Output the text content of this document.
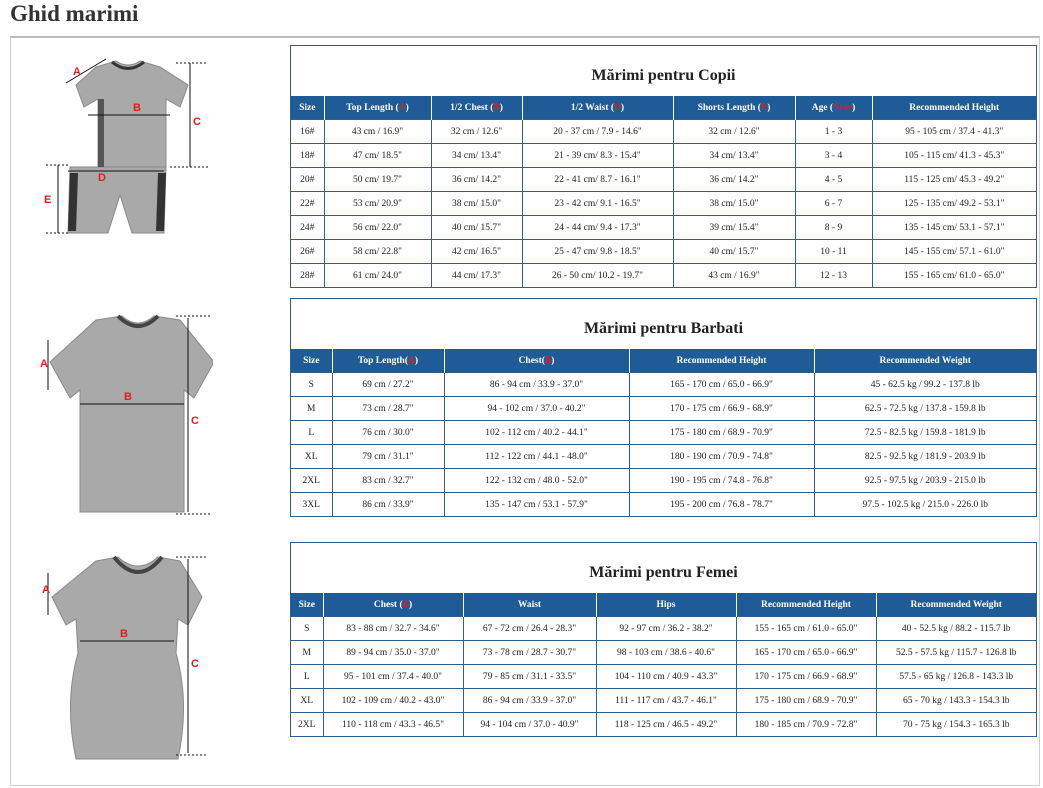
Ghid marimi
A
B
C
D
E
A
B
C
A
B
C
Mărimi pentru Copii
Size	Top Length (A)	1/2 Chest (B)	1/2 Waist (D)	Shorts Length (E)	Age (Year)	Recommended Height
16#	43 cm / 16.9"	32 cm / 12.6"	20 - 37 cm / 7.9 - 14.6"	32 cm / 12.6"	1 - 3	95 - 105 cm / 37.4 - 41.3"
18#	47 cm/ 18.5"	34 cm/ 13.4"	21 - 39 cm/ 8.3 - 15.4"	34 cm/ 13.4"	3 - 4	105 - 115 cm/ 41.3 - 45.3"
20#	50 cm/ 19.7"	36 cm/ 14.2"	22 - 41 cm/ 8.7 - 16.1"	36 cm/ 14.2"	4 - 5	115 - 125 cm/ 45.3 - 49.2"
22#	53 cm/ 20.9"	38 cm/ 15.0"	23 - 42 cm/ 9.1 - 16.5"	38 cm/ 15.0"	6 - 7	125 - 135 cm/ 49.2 - 53.1"
24#	56 cm/ 22.0"	40 cm/ 15.7"	24 - 44 cm/ 9.4 - 17.3"	39 cm/ 15.4"	8 - 9	135 - 145 cm/ 53.1 - 57.1"
26#	58 cm/ 22.8"	42 cm/ 16.5"	25 - 47 cm/ 9.8 - 18.5"	40 cm/ 15.7"	10 - 11	145 - 155 cm/ 57.1 - 61.0"
28#	61 cm/ 24.0"	44 cm/ 17.3"	26 - 50 cm/ 10.2 - 19.7"	43 cm / 16.9"	12 - 13	155 - 165 cm/ 61.0 - 65.0"
Mărimi pentru Barbati
Size	Top Length(A)	Chest(B)	Recommended Height	Recommended Weight
S	69 cm / 27.2"	86 - 94 cm / 33.9 - 37.0"	165 - 170 cm / 65.0 - 66.9"	45 - 62.5 kg / 99.2 - 137.8 lb
M	73 cm / 28.7"	94 - 102 cm / 37.0 - 40.2"	170 - 175 cm / 66.9 - 68.9"	62.5 - 72.5 kg / 137.8 - 159.8 lb
L	76 cm / 30.0"	102 - 112 cm / 40.2 - 44.1"	175 - 180 cm / 68.9 - 70.9"	72.5 - 82.5 kg / 159.8 - 181.9 lb
XL	79 cm / 31.1"	112 - 122 cm / 44.1 - 48.0"	180 - 190 cm / 70.9 - 74.8"	82.5 - 92.5 kg / 181.9 - 203.9 lb
2XL	83 cm / 32.7"	122 - 132 cm / 48.0 - 52.0"	190 - 195 cm / 74.8 - 76.8"	92.5 - 97.5 kg / 203.9 - 215.0 lb
3XL	86 cm / 33.9"	135 - 147 cm / 53.1 - 57.9"	195 - 200 cm / 76.8 - 78.7"	97.5 - 102.5 kg / 215.0 - 226.0 lb
Mărimi pentru Femei
Size	Chest (B)	Waist	Hips	Recommended Height	Recommended Weight
S	83 - 88 cm / 32.7 - 34.6"	67 - 72 cm / 26.4 - 28.3"	92 - 97 cm / 36.2 - 38.2"	155 - 165 cm / 61.0 - 65.0"	40 - 52.5 kg / 88.2 - 115.7 lb
M	89 - 94 cm / 35.0 - 37.0"	73 - 78 cm / 28.7 - 30.7"	98 - 103 cm / 38.6 - 40.6"	165 - 170 cm / 65.0 - 66.9"	52.5 - 57.5 kg / 115.7 - 126.8 lb
L	95 - 101 cm / 37.4 - 40.0"	79 - 85 cm / 31.1 - 33.5"	104 - 110 cm / 40.9 - 43.3"	170 - 175 cm / 66.9 - 68.9"	57.5 - 65 kg / 126.8 - 143.3 lb
XL	102 - 109 cm / 40.2 - 43.0"	86 - 94 cm / 33.9 - 37.0"	111 - 117 cm / 43.7 - 46.1"	175 - 180 cm / 68.9 - 70.9"	65 - 70 kg / 143.3 - 154.3 lb
2XL	110 - 118 cm / 43.3 - 46.5"	94 - 104 cm / 37.0 - 40.9"	118 - 125 cm / 46.5 - 49.2"	180 - 185 cm / 70.9 - 72.8"	70 - 75 kg / 154.3 - 165.3 lb
